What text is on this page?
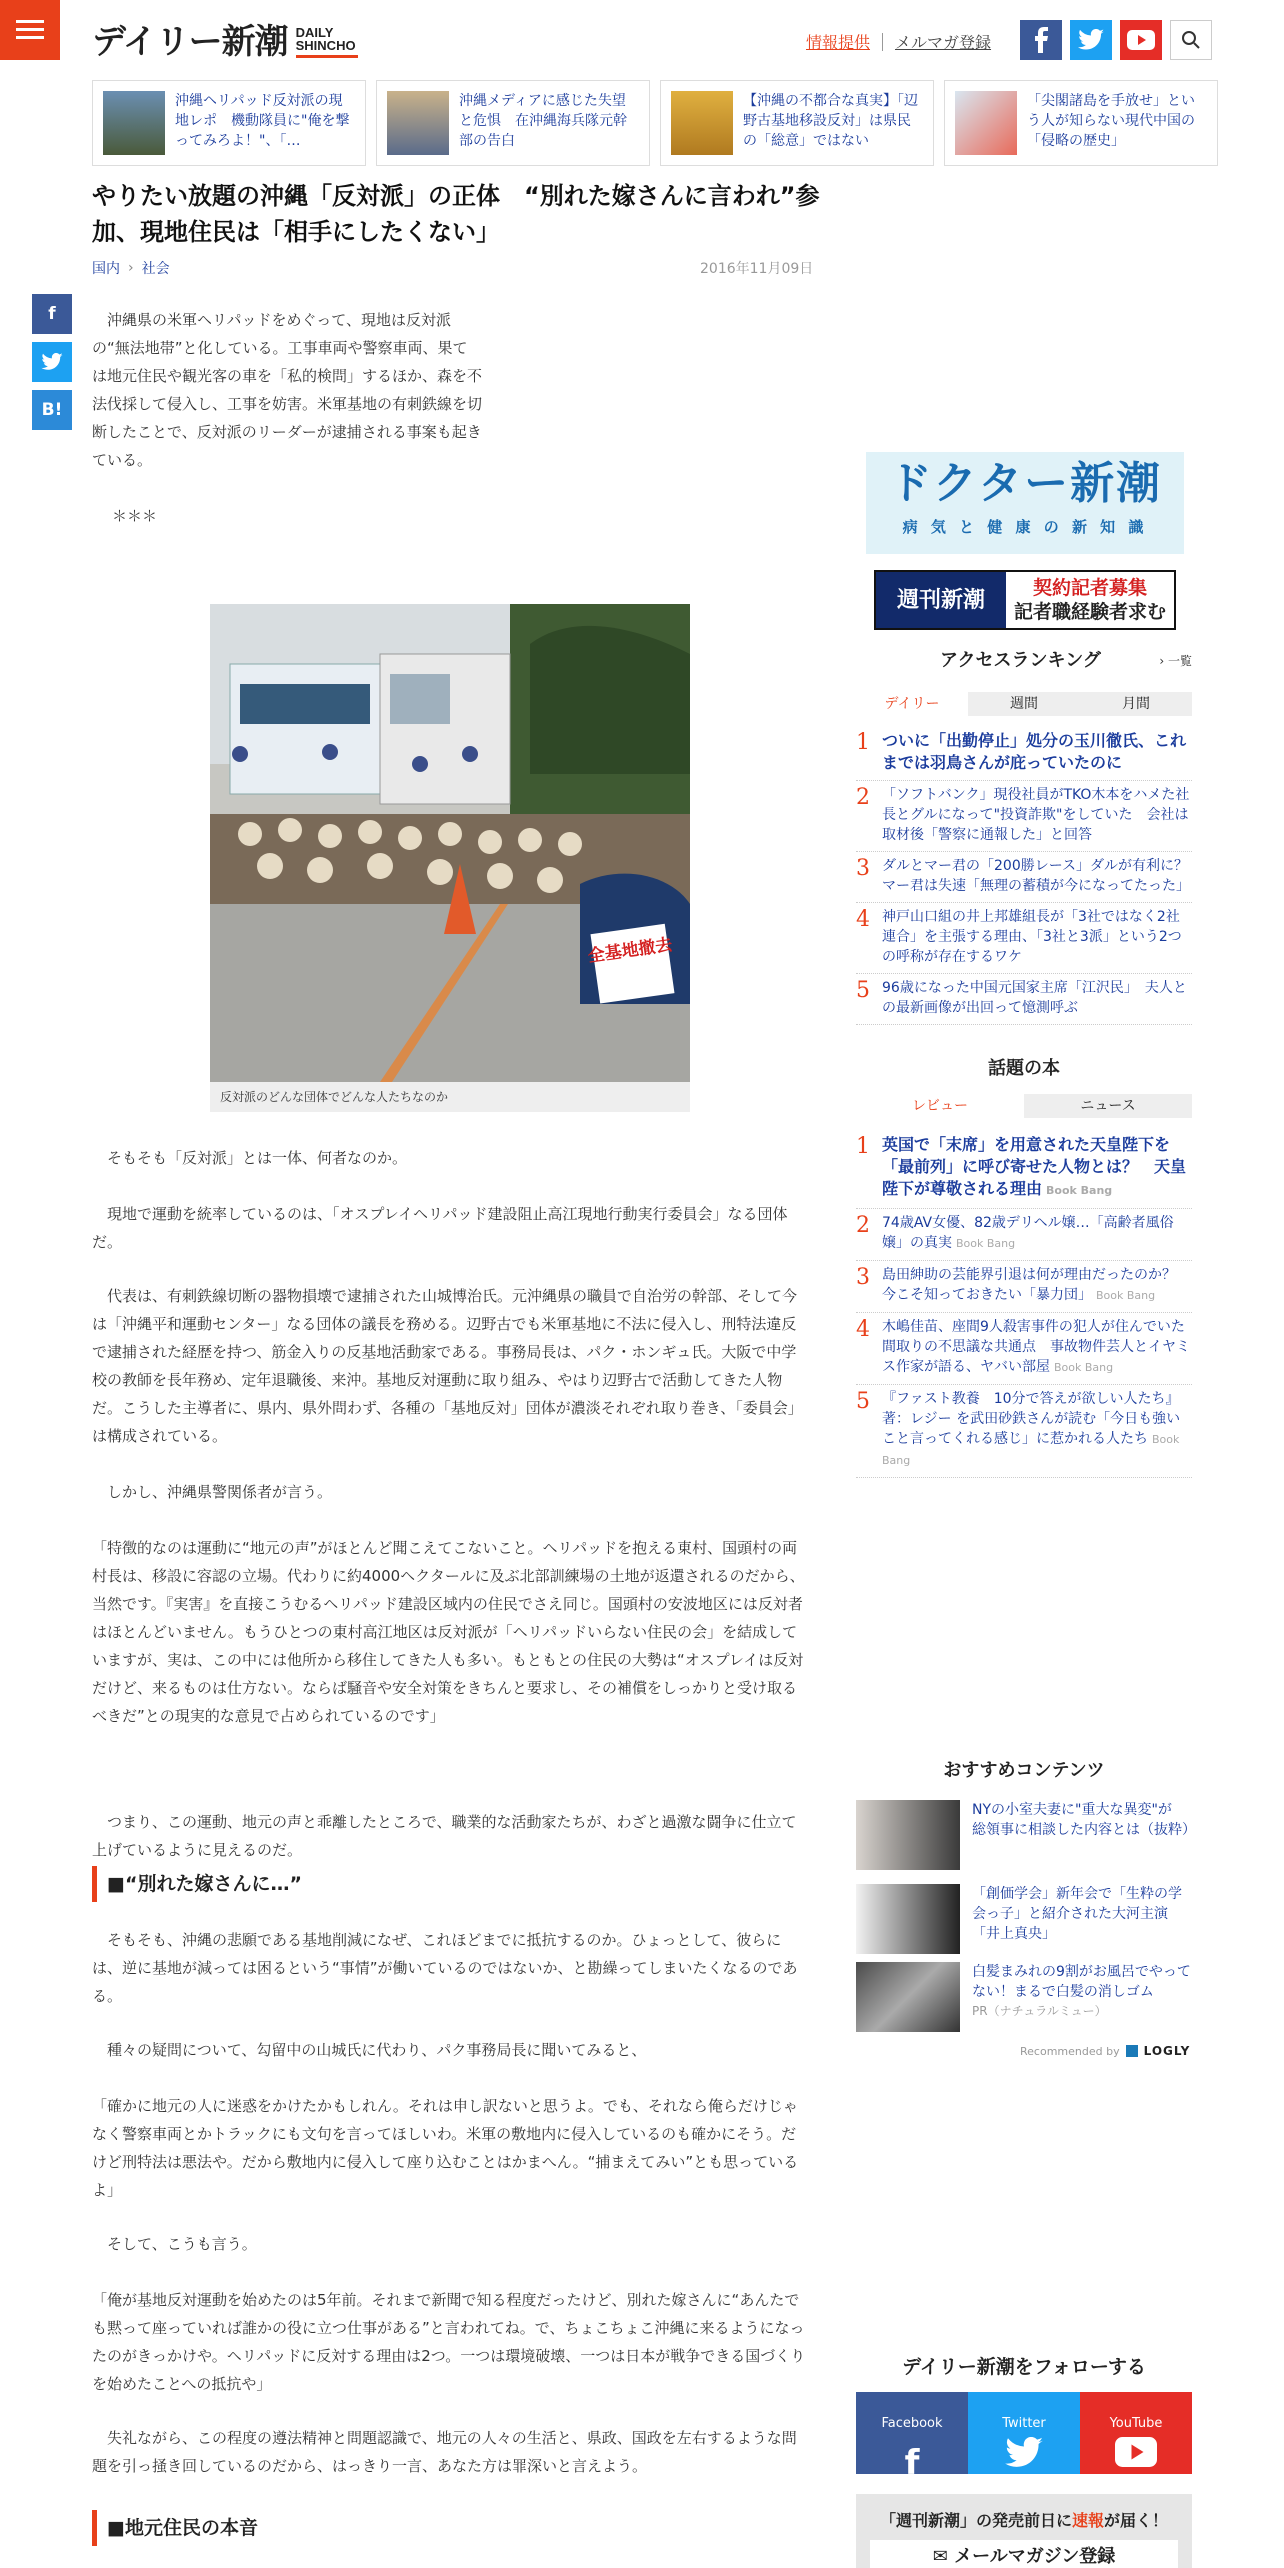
デイリー新潮 DAILY
SHINCHO	情報提供 メルマガ登録
沖縄ヘリパッド反対派の現地レポ　機動隊員に"俺を撃ってみろよ！"、「…
沖縄メディアに感じた失望と危惧　在沖縄海兵隊元幹部の告白
【沖縄の不都合な真実】「辺野古基地移設反対」は県民の「総意」ではない
「尖閣諸島を手放せ」という人が知らない現代中国の「侵略の歴史」
やりたい放題の沖縄「反対派」の正体　“別れた嫁さんに言われ”参加、現地住民は「相手にしたくない」
国内 › 社会	2016年11月09日
f
B!

沖縄県の米軍ヘリパッドをめぐって、現地は反対派の“無法地帯”と化している。工事車両や警察車両、果ては地元住民や観光客の車を「私的検問」するほか、森を不法伐採して侵入し、工事を妨害。米軍基地の有刺鉄線を切断したことで、反対派のリーダーが逮捕される事案も起きている。

＊＊＊

全基地撤去
反対派のどんな団体でどんな人たちなのか

そもそも「反対派」とは一体、何者なのか。

現地で運動を統率しているのは、「オスプレイヘリパッド建設阻止高江現地行動実行委員会」なる団体だ。

代表は、有刺鉄線切断の器物損壊で逮捕された山城博治氏。元沖縄県の職員で自治労の幹部、そして今は「沖縄平和運動センター」なる団体の議長を務める。辺野古でも米軍基地に不法に侵入し、刑特法違反で逮捕された経歴を持つ、筋金入りの反基地活動家である。事務局長は、パク・ホンギュ氏。大阪で中学校の教師を長年務め、定年退職後、来沖。基地反対運動に取り組み、やはり辺野古で活動してきた人物だ。こうした主導者に、県内、県外問わず、各種の「基地反対」団体が濃淡それぞれ取り巻き、「委員会」は構成されている。

しかし、沖縄県警関係者が言う。

「特徴的なのは運動に“地元の声”がほとんど聞こえてこないこと。ヘリパッドを抱える東村、国頭村の両村長は、移設に容認の立場。代わりに約4000ヘクタールに及ぶ北部訓練場の土地が返還されるのだから、当然です。『実害』を直接こうむるヘリパッド建設区域内の住民でさえ同じ。国頭村の安波地区には反対者はほとんどいません。もうひとつの東村高江地区は反対派が「ヘリパッドいらない住民の会」を結成していますが、実は、この中には他所から移住してきた人も多い。もともとの住民の大勢は“オスプレイは反対だけど、来るものは仕方ない。ならば騒音や安全対策をきちんと要求し、その補償をしっかりと受け取るべきだ”との現実的な意見で占められているのです」

つまり、この運動、地元の声と乖離したところで、職業的な活動家たちが、わざと過激な闘争に仕立て上げているように見えるのだ。

■“別れた嫁さんに…”

そもそも、沖縄の悲願である基地削減になぜ、これほどまでに抵抗するのか。ひょっとして、彼らには、逆に基地が減っては困るという“事情”が働いているのではないか、と勘繰ってしまいたくなるのである。

種々の疑問について、勾留中の山城氏に代わり、パク事務局長に聞いてみると、

「確かに地元の人に迷惑をかけたかもしれん。それは申し訳ないと思うよ。でも、それなら俺らだけじゃなく警察車両とかトラックにも文句を言ってほしいわ。米軍の敷地内に侵入しているのも確かにそう。だけど刑特法は悪法や。だから敷地内に侵入して座り込むことはかまへん。“捕まえてみい”とも思っているよ」

そして、こうも言う。

「俺が基地反対運動を始めたのは5年前。それまで新聞で知る程度だったけど、別れた嫁さんに“あんたでも黙って座っていれば誰かの役に立つ仕事がある”と言われてね。で、ちょこちょこ沖縄に来るようになったのがきっかけや。ヘリパッドに反対する理由は2つ。一つは環境破壊、一つは日本が戦争できる国づくりを始めたことへの抵抗や」

失礼ながら、この程度の遵法精神と問題認識で、地元の人々の生活と、県政、国政を左右するような問題を引っ掻き回しているのだから、はっきり一言、あなた方は罪深いと言えよう。

■地元住民の本音
ドクター新潮
病 気 と 健 康 の 新 知 識
週刊新潮	契約記者募集
記者職経験者求む
アクセスランキング	› 一覧
デイリー	週間	月間
1 ついに「出勤停止」処分の玉川徹氏、これまでは羽鳥さんが庇っていたのに
2 「ソフトバンク」現役社員がTKO木本をハメた社長とグルになって"投資詐欺"をしていた　会社は取材後「警察に通報した」と回答
3 ダルとマー君の「200勝レース」ダルが有利に？　マー君は失速「無理の蓄積が今になってたった」
4 神戸山口組の井上邦雄組長が「3社ではなく2社連合」を主張する理由、「3社と3派」という2つの呼称が存在するワケ
5 96歳になった中国元国家主席「江沢民」　夫人との最新画像が出回って憶測呼ぶ
話題の本
レビュー	ニュース
1 英国で「末席」を用意された天皇陛下を「最前列」に呼び寄せた人物とは？　天皇陛下が尊敬される理由 Book Bang
2 74歳AV女優、82歳デリヘル嬢…「高齢者風俗嬢」の真実 Book Bang
3 島田紳助の芸能界引退は何が理由だったのか？　今こそ知っておきたい「暴力団」 Book Bang
4 木嶋佳苗、座間9人殺害事件の犯人が住んでいた間取りの不思議な共通点　事故物件芸人とイヤミス作家が語る、ヤバい部屋 Book Bang
5 『ファスト教養　10分で答えが欲しい人たち』著：レジー を武田砂鉄さんが読む「今日も強いこと言ってくれる感じ」に惹かれる人たち Book Bang
おすすめコンテンツ
NYの小室夫妻に"重大な異変"が　総領事に相談した内容とは（抜粋）
「創価学会」新年会で「生粋の学会っ子」と紹介された大河主演「井上真央」
白髪まみれの9割がお風呂でやってない！まるで白髪の消しゴム
PR（ナチュラルミュー）
Recommended by LOGLY
デイリー新潮をフォローする
Facebook
f
Twitter	YouTube
「週刊新潮」の発売前日に速報が届く！
✉ メールマガジン登録
